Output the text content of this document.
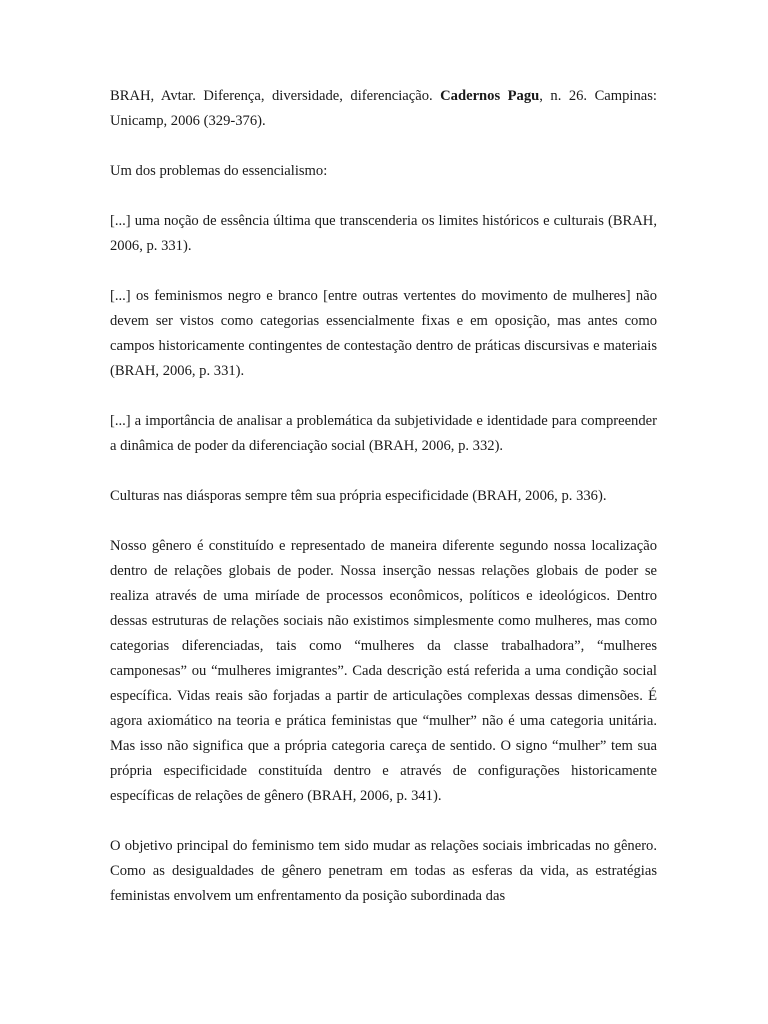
BRAH, Avtar. Diferença, diversidade, diferenciação. Cadernos Pagu, n. 26. Campinas: Unicamp, 2006 (329-376).

Um dos problemas do essencialismo:

[...] uma noção de essência última que transcenderia os limites históricos e culturais (BRAH, 2006, p. 331).

[...] os feminismos negro e branco [entre outras vertentes do movimento de mulheres] não devem ser vistos como categorias essencialmente fixas e em oposição, mas antes como campos historicamente contingentes de contestação dentro de práticas discursivas e materiais (BRAH, 2006, p. 331).

[...] a importância de analisar a problemática da subjetividade e identidade para compreender a dinâmica de poder da diferenciação social (BRAH, 2006, p. 332).

Culturas nas diásporas sempre têm sua própria especificidade (BRAH, 2006, p. 336).

Nosso gênero é constituído e representado de maneira diferente segundo nossa localização dentro de relações globais de poder. Nossa inserção nessas relações globais de poder se realiza através de uma miríade de processos econômicos, políticos e ideológicos. Dentro dessas estruturas de relações sociais não existimos simplesmente como mulheres, mas como categorias diferenciadas, tais como “mulheres da classe trabalhadora”, “mulheres camponesas” ou “mulheres imigrantes”. Cada descrição está referida a uma condição social específica. Vidas reais são forjadas a partir de articulações complexas dessas dimensões. É agora axiomático na teoria e prática feministas que “mulher” não é uma categoria unitária. Mas isso não significa que a própria categoria careça de sentido. O signo “mulher” tem sua própria especificidade constituída dentro e através de configurações historicamente específicas de relações de gênero (BRAH, 2006, p. 341).

O objetivo principal do feminismo tem sido mudar as relações sociais imbricadas no gênero. Como as desigualdades de gênero penetram em todas as esferas da vida, as estratégias feministas envolvem um enfrentamento da posição subordinada das
